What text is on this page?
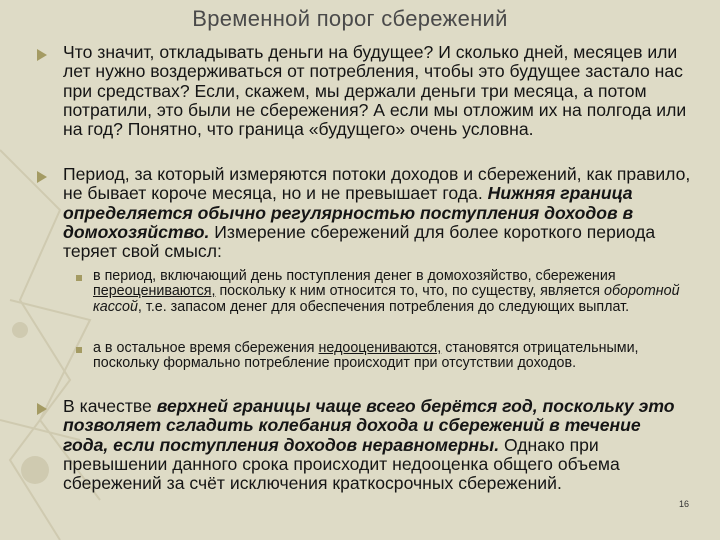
Временной порог сбережений
Что значит, откладывать деньги на будущее? И сколько дней, месяцев или лет нужно воздерживаться от потребления, чтобы это будущее застало нас при средствах? Если, скажем, мы держали деньги три месяца, а потом потратили, это были не сбережения? А если мы отложим их на полгода или на год? Понятно, что граница «будущего» очень условна.
Период, за который измеряются потоки доходов и сбережений, как правило, не бывает короче месяца, но и не превышает года. Нижняя граница определяется обычно регулярностью поступления доходов в домохозяйство. Измерение сбережений для более короткого периода теряет свой смысл:
в период, включающий день поступления денег в домохозяйство, сбережения переоцениваются, поскольку к ним относится то, что, по существу, является оборотной кассой, т.е. запасом денег для обеспечения потребления до следующих выплат.
а в остальное время сбережения недооцениваются, становятся отрицательными, поскольку формально потребление происходит при отсутствии доходов.
В качестве верхней границы чаще всего берётся год, поскольку это позволяет сгладить колебания дохода и сбережений в течение года, если поступления доходов неравномерны. Однако при превышении данного срока происходит недооценка общего объема сбережений за счёт исключения краткосрочных сбережений.
16
